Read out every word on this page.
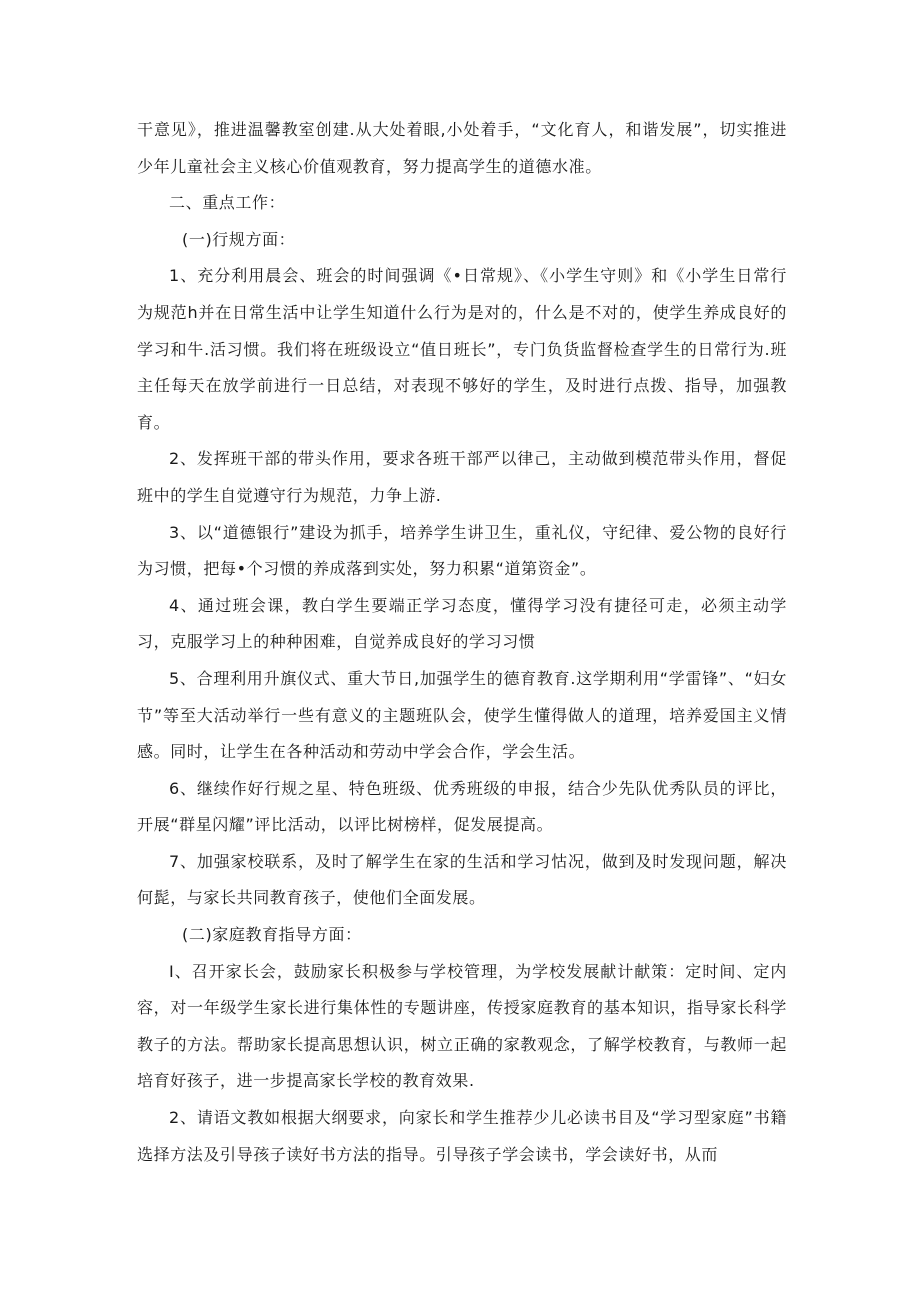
干意见》，推进温馨教室创建.从大处着眼,小处着手，“文化育人，和谐发展”，切实推进少年儿童社会主义核心价值观教育，努力提高学生的道德水准。

二、重点工作：

(一)行规方面：

1、充分利用晨会、班会的时间强调《•日常规》、《小学生守则》和《小学生日常行为规范h并在日常生活中让学生知道什么行为是对的，什么是不对的，使学生养成良好的学习和牛.活习惯。我们将在班级设立“值日班长”，专门负货监督检查学生的日常行为.班主任每天在放学前进行一日总结，对表现不够好的学生，及时进行点拨、指导，加强教育。

2、发挥班干部的带头作用，要求各班干部严以律己，主动做到模范带头作用，督促班中的学生自觉遵守行为规范，力争上游.

3、以“道德银行”建设为抓手，培养学生讲卫生，重礼仪，守纪律、爱公物的良好行为习惯，把每•个习惯的养成落到实处，努力积累“道第资金”。

4、通过班会课，教白学生要端正学习态度，懂得学习没有捷径可走，必须主动学习，克服学习上的种种困难，自觉养成良好的学习习惯

5、合理利用升旗仪式、重大节日,加强学生的德育教育.这学期利用“学雷锋”、“妇女节”等至大活动举行一些有意义的主题班队会，使学生懂得做人的道理，培养爱国主义情感。同时，让学生在各种活动和劳动中学会合作，学会生活。

6、继续作好行规之星、特色班级、优秀班级的申报，结合少先队优秀队员的评比，开展“群星闪耀”评比活动，以评比树榜样，促发展提高。

7、加强家校联系，及时了解学生在家的生活和学习怙况，做到及时发现问题，解决何髭，与家长共同教育孩子，使他们全面发展。

(二)家庭教育指导方面：

I、召开家长会，鼓励家长积极参与学校管理，为学校发展献计献策：定时间、定内容，对一年级学生家长进行集体性的专题讲座，传授家庭教育的基本知识，指导家长科学教子的方法。帮助家长提高思想认识，树立正确的家教观念，了解学校教育，与教师一起培育好孩子，进一步提高家长学校的教育效果.

2、请语文教如根据大纲要求，向家长和学生推荐少儿必读书目及“学习型家庭”书籍选择方法及引导孩子读好书方法的指导。引导孩子学会读书，学会读好书，从而
